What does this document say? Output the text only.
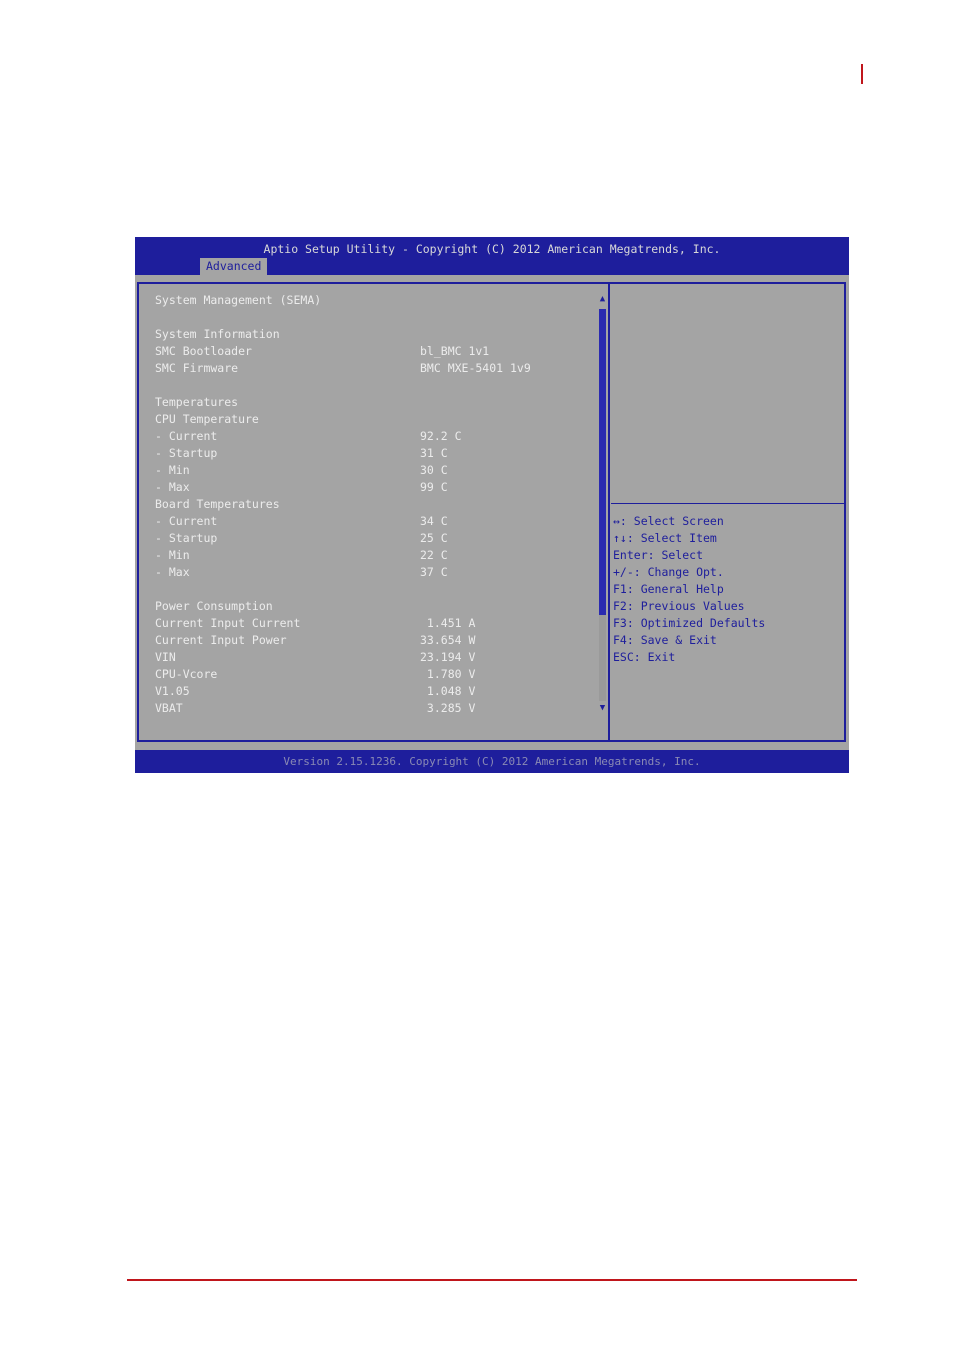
Aptio Setup Utility - Copyright (C) 2012 American Megatrends, Inc.
Advanced
System Management (SEMA)
System Information
SMC Bootloader	bl_BMC 1v1
SMC Firmware	BMC MXE-5401 1v9
Temperatures
CPU Temperature
- Current	92.2 C
- Startup	31 C
- Min	30 C
- Max	99 C
Board Temperatures
- Current	34 C
- Startup	25 C
- Min	22 C
- Max	37 C
Power Consumption
Current Input Current	1.451 A
Current Input Power	33.654 W
VIN	23.194 V
CPU-Vcore	1.780 V
V1.05	1.048 V
VBAT	3.285 V
▲
▼
↔: Select Screen
↑↓: Select Item
Enter: Select
+/-: Change Opt.
F1: General Help
F2: Previous Values
F3: Optimized Defaults
F4: Save & Exit
ESC: Exit
Version 2.15.1236. Copyright (C) 2012 American Megatrends, Inc.
